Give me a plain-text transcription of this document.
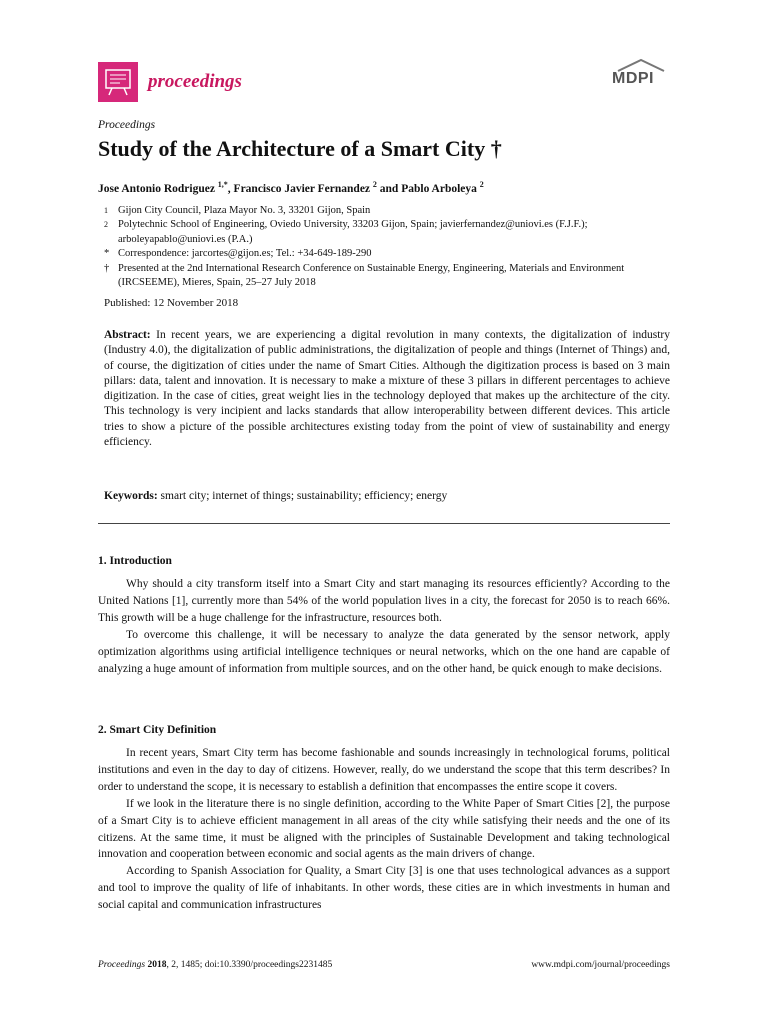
proceedings	MDPI
Proceedings
Study of the Architecture of a Smart City †
Jose Antonio Rodriguez $^{1,*}$, Francisco Javier Fernandez $^2$ and Pablo Arboleya $^2$
1 Gijon City Council, Plaza Mayor No. 3, 33201 Gijon, Spain
2 Polytechnic School of Engineering, Oviedo University, 33203 Gijon, Spain; javierfernandez@uniovi.es (F.J.F.); arboleyapablo@uniovi.es (P.A.)
* Correspondence: jarcortes@gijon.es; Tel.: +34-649-189-290
† Presented at the 2nd International Research Conference on Sustainable Energy, Engineering, Materials and Environment (IRCSEEME), Mieres, Spain, 25–27 July 2018
Published: 12 November 2018
Abstract: In recent years, we are experiencing a digital revolution in many contexts, the digitalization of industry (Industry 4.0), the digitalization of public administrations, the digitalization of people and things (Internet of Things) and, of course, the digitization of cities under the name of Smart Cities. Although the digitization process is based on 3 main pillars: data, talent and innovation. It is necessary to make a mixture of these 3 pillars in different percentages to achieve digitization. In the case of cities, great weight lies in the technology deployed that makes up the architecture of the city. This technology is very incipient and lacks standards that allow interoperability between different devices. This article tries to show a picture of the possible architectures existing today from the point of view of sustainability and energy efficiency.
Keywords: smart city; internet of things; sustainability; efficiency; energy
1. Introduction

Why should a city transform itself into a Smart City and start managing its resources efficiently? According to the United Nations [1], currently more than 54% of the world population lives in a city, the forecast for 2050 is to reach 66%. This growth will be a huge challenge for the infrastructure, resources both.

To overcome this challenge, it will be necessary to analyze the data generated by the sensor network, apply optimization algorithms using artificial intelligence techniques or neural networks, which on the one hand are capable of analyzing a huge amount of information from multiple sources, and on the other hand, be quick enough to make decisions.

2. Smart City Definition

In recent years, Smart City term has become fashionable and sounds increasingly in technological forums, political institutions and even in the day to day of citizens. However, really, do we understand the scope that this term describes? In order to understand the scope, it is necessary to establish a definition that encompasses the entire scope it covers.

If we look in the literature there is no single definition, according to the White Paper of Smart Cities [2], the purpose of a Smart City is to achieve efficient management in all areas of the city while satisfying their needs and the one of its citizens. At the same time, it must be aligned with the principles of Sustainable Development and taking technological innovation and cooperation between economic and social agents as the main drivers of change.

According to Spanish Association for Quality, a Smart City [3] is one that uses technological advances as a support and tool to improve the quality of life of inhabitants. In other words, these cities are in which investments in human and social capital and communication infrastructures

Proceedings 2018, 2, 1485; doi:10.3390/proceedings2231485	www.mdpi.com/journal/proceedings
